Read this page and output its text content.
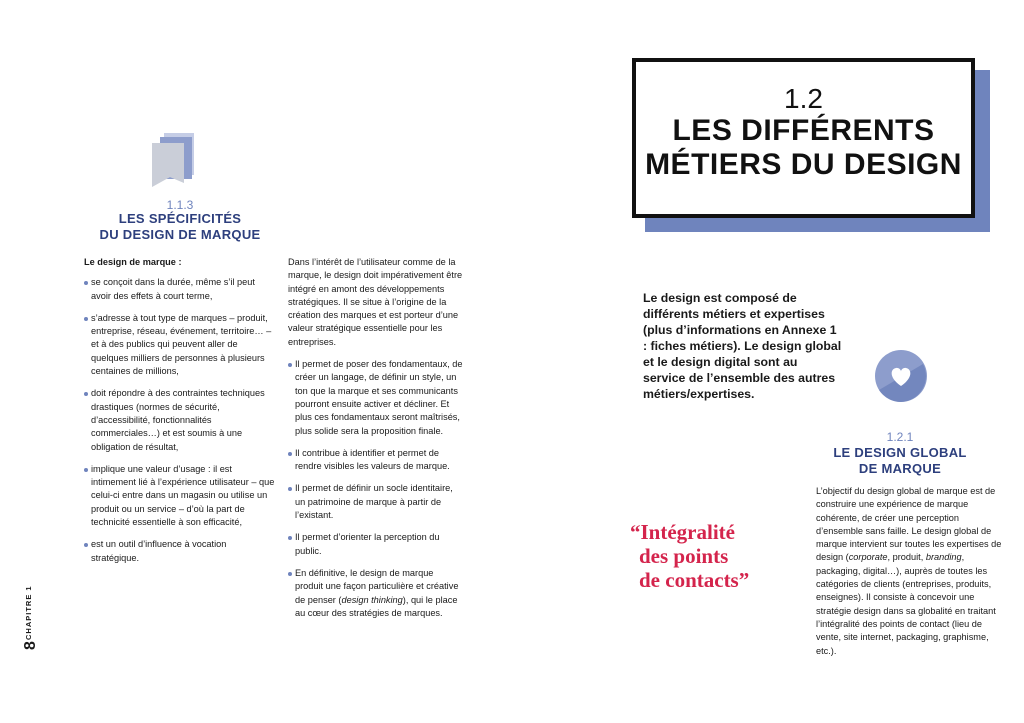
CHAPITRE 1
8
1.1.3
LES SPÉCIFICITÉS
DU DESIGN DE MARQUE
Le design de marque :
se conçoit dans la durée, même s’il peut avoir des effets à court terme,
s’adresse à tout type de marques – produit, entreprise, réseau, événement, territoire… – et à des publics qui peuvent aller de quelques milliers de personnes à plusieurs centaines de millions,
doit répondre à des contraintes techniques drastiques (normes de sécurité, d’accessibilité, fonctionnalités commerciales…) et est soumis à une obligation de résultat,
implique une valeur d’usage : il est intimement lié à l’expérience utilisateur – que celui-ci entre dans un magasin ou utilise un produit ou un service – d’où la part de technicité essentielle à son efficacité,
est un outil d’influence à vocation stratégique.

Dans l’intérêt de l’utilisateur comme de la marque, le design doit impérativement être intégré en amont des développements stratégiques. Il se situe à l’origine de la création des marques et est porteur d’une valeur stratégique essentielle pour les entreprises.

Il permet de poser des fondamentaux, de créer un langage, de définir un style, un ton que la marque et ses communicants pourront ensuite activer et décliner. Et plus ces fondamentaux seront maîtrisés, plus solide sera la proposition finale.
Il contribue à identifier et permet de rendre visibles les valeurs de marque.
Il permet de définir un socle identitaire, un patrimoine de marque à partir de l’existant.
Il permet d’orienter la perception du public.
En définitive, le design de marque produit une façon particulière et créative de penser (design thinking), qui le place au cœur des stratégies de marques.
1.2
LES DIFFÉRENTS
MÉTIERS DU DESIGN
Le design est composé de différents métiers et expertises (plus d’informations en Annexe 1 : fiches métiers). Le design global et le design digital sont au service de l’ensemble des autres métiers/expertises.
1.2.1
LE DESIGN GLOBAL
DE MARQUE
L’objectif du design global de marque est de construire une expérience de marque cohérente, de créer une perception d’ensemble sans faille. Le design global de marque intervient sur toutes les expertises de design (corporate, produit, branding, packaging, digital…), auprès de toutes les catégories de clients (entreprises, produits, enseignes). Il consiste à concevoir une stratégie design dans sa globalité en traitant l’intégralité des points de contact (lieu de vente, site internet, packaging, graphisme, etc.).
“Intégralité
des points
de contacts”
